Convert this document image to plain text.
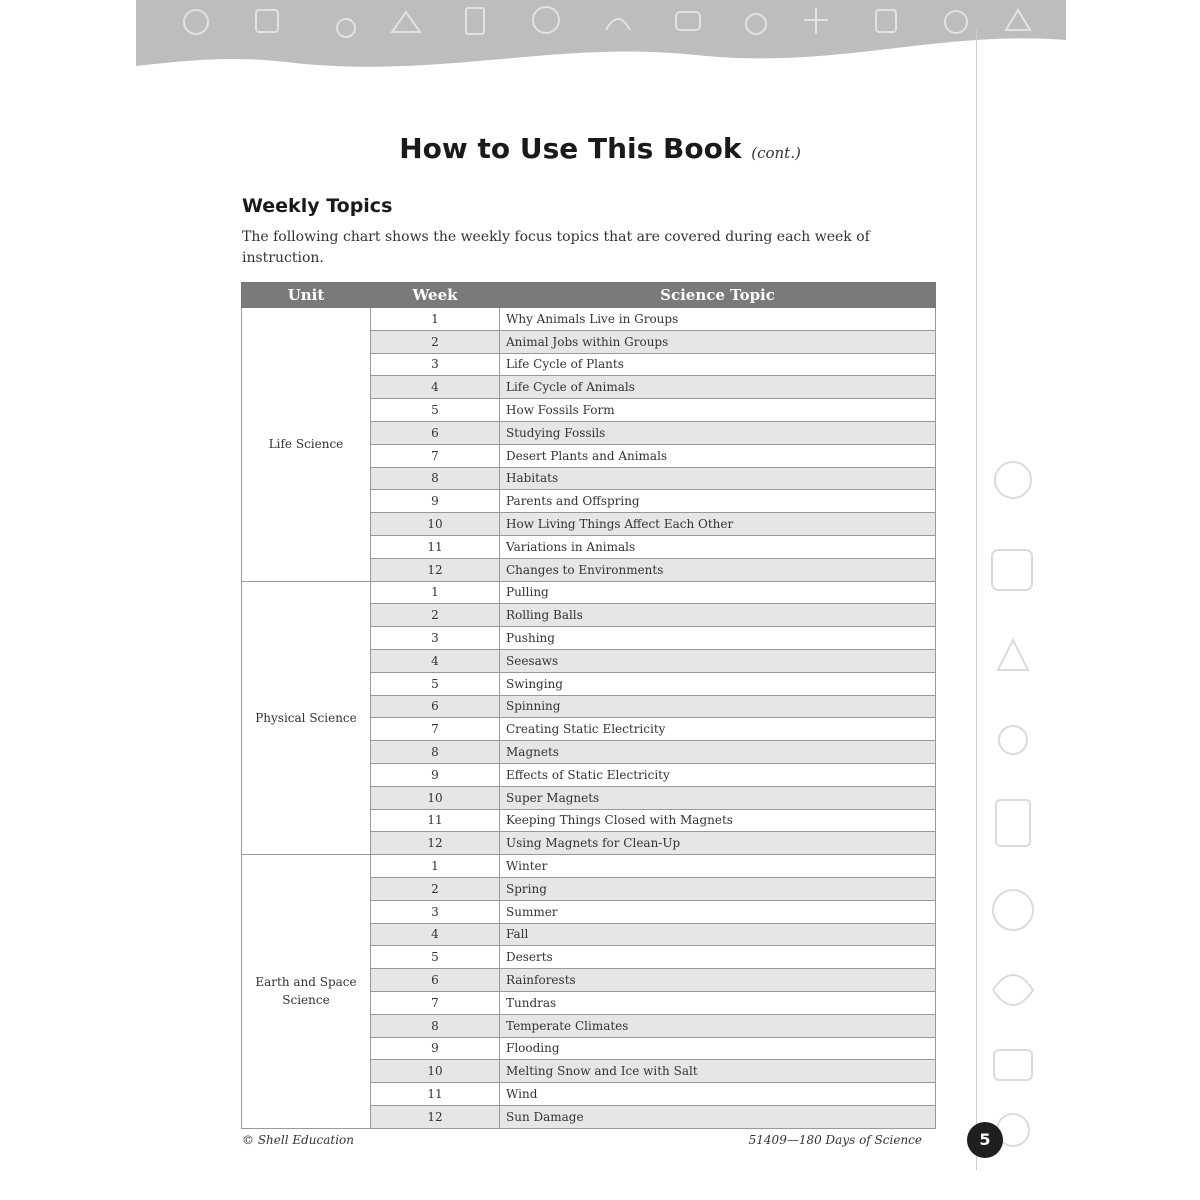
How to Use This Book (cont.)
Weekly Topics
The following chart shows the weekly focus topics that are covered during each week of instruction.
Unit	Week	Science Topic
Life Science	1	Why Animals Live in Groups
	2	Animal Jobs within Groups
	3	Life Cycle of Plants
	4	Life Cycle of Animals
	5	How Fossils Form
	6	Studying Fossils
	7	Desert Plants and Animals
	8	Habitats
	9	Parents and Offspring
	10	How Living Things Affect Each Other
	11	Variations in Animals
	12	Changes to Environments
Physical Science	1	Pulling
	2	Rolling Balls
	3	Pushing
	4	Seesaws
	5	Swinging
	6	Spinning
	7	Creating Static Electricity
	8	Magnets
	9	Effects of Static Electricity
	10	Super Magnets
	11	Keeping Things Closed with Magnets
	12	Using Magnets for Clean-Up
Earth and Space Science	1	Winter
	2	Spring
	3	Summer
	4	Fall
	5	Deserts
	6	Rainforests
	7	Tundras
	8	Temperate Climates
	9	Flooding
	10	Melting Snow and Ice with Salt
	11	Wind
	12	Sun Damage
© Shell Education	51409—180 Days of Science	5
